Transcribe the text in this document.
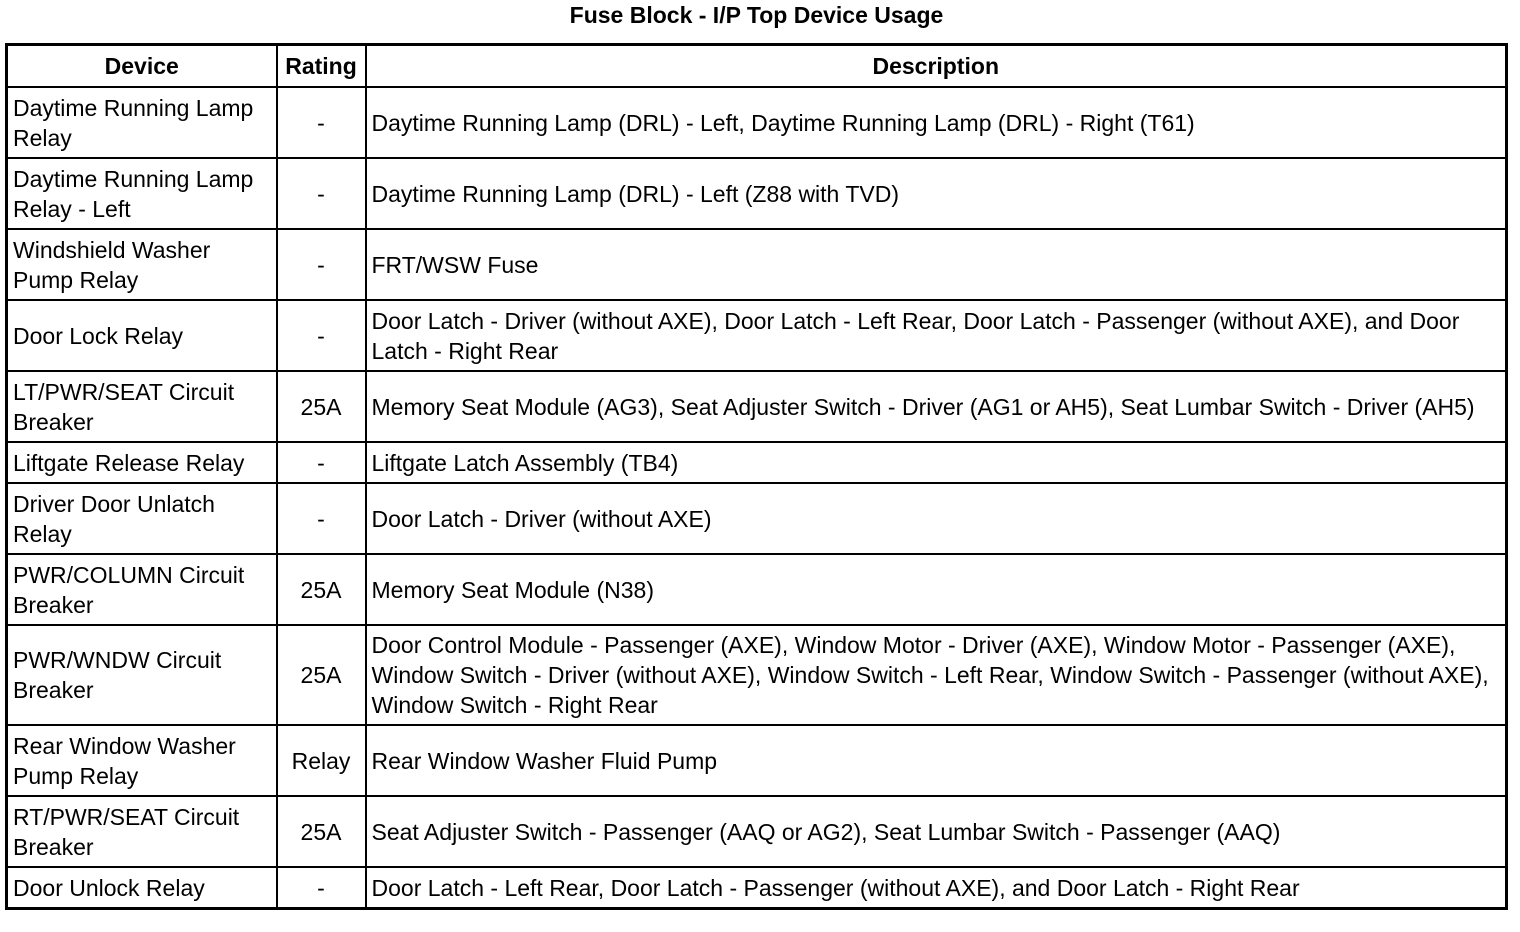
Fuse Block - I/P Top Device Usage
Device	Rating	Description
Daytime Running Lamp Relay	-	Daytime Running Lamp (DRL) - Left, Daytime Running Lamp (DRL) - Right (T61)
Daytime Running Lamp Relay - Left	-	Daytime Running Lamp (DRL) - Left (Z88 with TVD)
Windshield Washer Pump Relay	-	FRT/WSW Fuse
Door Lock Relay	-	Door Latch - Driver (without AXE), Door Latch - Left Rear, Door Latch - Passenger (without AXE), and Door Latch - Right Rear
LT/PWR/SEAT Circuit Breaker	25A	Memory Seat Module (AG3), Seat Adjuster Switch - Driver (AG1 or AH5), Seat Lumbar Switch - Driver (AH5)
Liftgate Release Relay	-	Liftgate Latch Assembly (TB4)
Driver Door Unlatch Relay	-	Door Latch - Driver (without AXE)
PWR/COLUMN Circuit Breaker	25A	Memory Seat Module (N38)
PWR/WNDW Circuit Breaker	25A	Door Control Module - Passenger (AXE), Window Motor - Driver (AXE), Window Motor - Passenger (AXE), Window Switch - Driver (without AXE), Window Switch - Left Rear, Window Switch - Passenger (without AXE), Window Switch - Right Rear
Rear Window Washer Pump Relay	Relay	Rear Window Washer Fluid Pump
RT/PWR/SEAT Circuit Breaker	25A	Seat Adjuster Switch - Passenger (AAQ or AG2), Seat Lumbar Switch - Passenger (AAQ)
Door Unlock Relay	-	Door Latch - Left Rear, Door Latch - Passenger (without AXE), and Door Latch - Right Rear
